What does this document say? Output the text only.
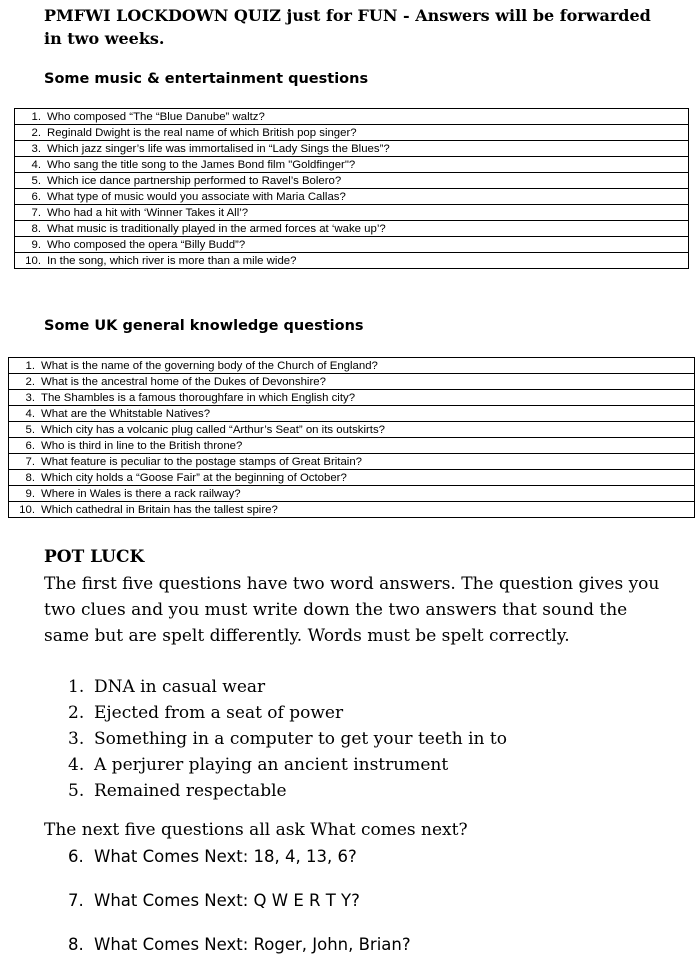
PMFWI LOCKDOWN QUIZ just for FUN - Answers will be forwarded in two weeks.
Some music & entertainment questions
1. Who composed “The “Blue Danube” waltz?
2. Reginald Dwight is the real name of which British pop singer?
3. Which jazz singer’s life was immortalised in “Lady Sings the Blues”?
4. Who sang the title song to the James Bond film "Goldfinger"?
5. Which ice dance partnership performed to Ravel’s Bolero?
6. What type of music would you associate with Maria Callas?
7. Who had a hit with ‘Winner Takes it All’?
8. What music is traditionally played in the armed forces at ‘wake up’?
9. Who composed the opera “Billy Budd”?
10. In the song, which river is more than a mile wide?
Some UK general knowledge questions
1. What is the name of the governing body of the Church of England?
2. What is the ancestral home of the Dukes of Devonshire?
3. The Shambles is a famous thoroughfare in which English city?
4. What are the Whitstable Natives?
5. Which city has a volcanic plug called “Arthur’s Seat” on its outskirts?
6. Who is third in line to the British throne?
7. What feature is peculiar to the postage stamps of Great Britain?
8. Which city holds a “Goose Fair” at the beginning of October?
9. Where in Wales is there a rack railway?
10. Which cathedral in Britain has the tallest spire?
POT LUCK
The first five questions have two word answers. The question gives you two clues and you must write down the two answers that sound the same but are spelt differently. Words must be spelt correctly.
1. DNA in casual wear
2. Ejected from a seat of power
3. Something in a computer to get your teeth in to
4. A perjurer playing an ancient instrument
5. Remained respectable
The next five questions all ask What comes next?
6. What Comes Next: 18, 4, 13, 6?
7. What Comes Next: Q W E R T Y?
8. What Comes Next: Roger, John, Brian?
